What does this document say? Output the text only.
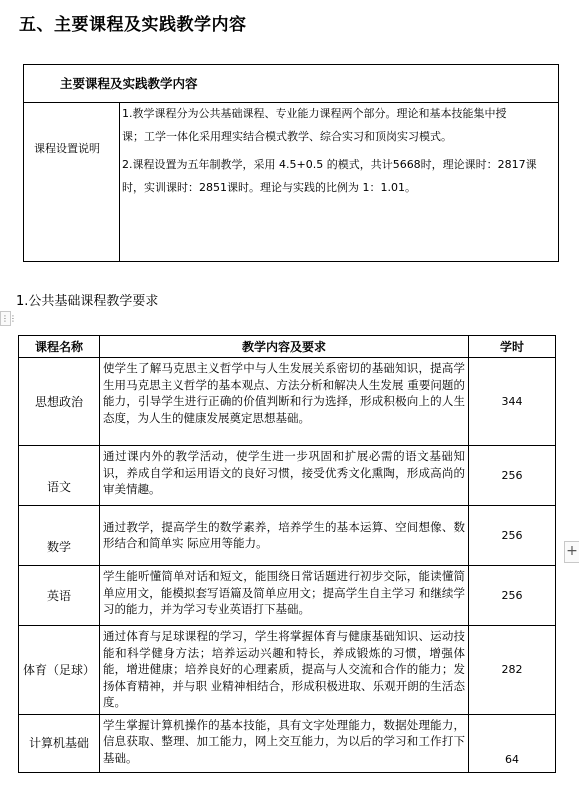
五、主要课程及实践教学内容
主要课程及实践教学内容
课程设置说明

1.教学课程分为公共基础课程、专业能力课程两个部分。理论和基本技能集中授
课；工学一体化采用理实结合模式教学、综合实习和顶岗实习模式。

2.课程设置为五年制教学，采用 4.5+0.5 的模式，共计5668时，理论课时：2817课
时，实训课时：2851课时。理论与实践的比例为 1：1.01。

1.公共基础课程教学要求
⋮⋮
+
课程名称	教学内容及要求	学时
思想政治	使学生了解马克思主义哲学中与人生发展关系密切的基础知识，提高学生用马克思主义哲学的基本观点、方法分析和解决人生发展 重要问题的能力，引导学生进行正确的价值判断和行为选择，形成积极向上的人生态度，为人生的健康发展奠定思想基础。	344
语文	通过课内外的教学活动，使学生进一步巩固和扩展必需的语文基础知识，养成自学和运用语文的良好习惯，接受优秀文化熏陶，形成高尚的审美情趣。	256
数学	通过教学，提高学生的数学素养，培养学生的基本运算、空间想像、数形结合和简单实 际应用等能力。	256
英语	学生能听懂简单对话和短文，能围绕日常话题进行初步交际，能读懂简单应用文，能模拟套写语篇及简单应用文；提高学生自主学习 和继续学习的能力，并为学习专业英语打下基础。	256
体育（足球）	通过体育与足球课程的学习，学生将掌握体育与健康基础知识、运动技能和科学健身方法；培养运动兴趣和特长，养成锻炼的习惯，增强体能，增进健康；培养良好的心理素质，提高与人交流和合作的能力；发扬体育精神，并与职 业精神相结合，形成积极进取、乐观开朗的生活态度。	282
计算机基础	学生掌握计算机操作的基本技能，具有文字处理能力，数据处理能力，信息获取、整理、加工能力，网上交互能力，为以后的学习和工作打下基础。	64
